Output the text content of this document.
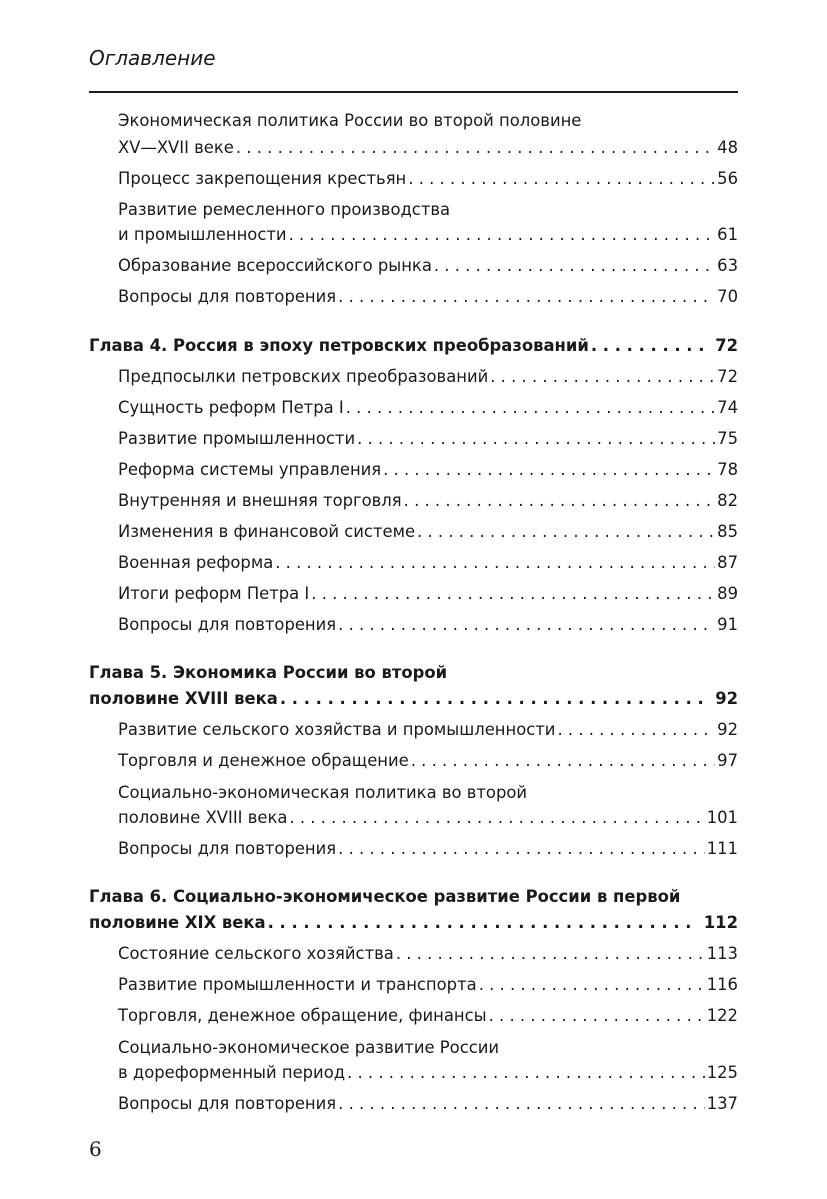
Оглавление
Экономическая политика России во второй половине
XV—XVII веке . . .	48
Процесс закрепощения крестьян . . .	56
Развитие ремесленного производства
и промышленности . . .	61
Образование всероссийского рынка . . .	63
Вопросы для повторения . . .	70
Глава 4. Россия в эпоху петровских преобразований . . .	72
Предпосылки петровских преобразований . . .	72
Сущность реформ Петра I . . .	74
Развитие промышленности . . .	75
Реформа системы управления . . .	78
Внутренняя и внешняя торговля . . .	82
Изменения в финансовой системе . . .	85
Военная реформа . . .	87
Итоги реформ Петра I . . .	89
Вопросы для повторения . . .	91
Глава 5. Экономика России во второй
половине XVIII века . . .	92
Развитие сельского хозяйства и промышленности . . .	92
Торговля и денежное обращение . . .	97
Социально-экономическая политика во второй
половине XVIII века . . .	101
Вопросы для повторения . . .	111
Глава 6. Социально-экономическое развитие России в первой
половине XIX века . . .	112
Состояние сельского хозяйства . . .	113
Развитие промышленности и транспорта . . .	116
Торговля, денежное обращение, финансы . . .	122
Социально-экономическое развитие России
в дореформенный период . . .	125
Вопросы для повторения . . .	137
6
